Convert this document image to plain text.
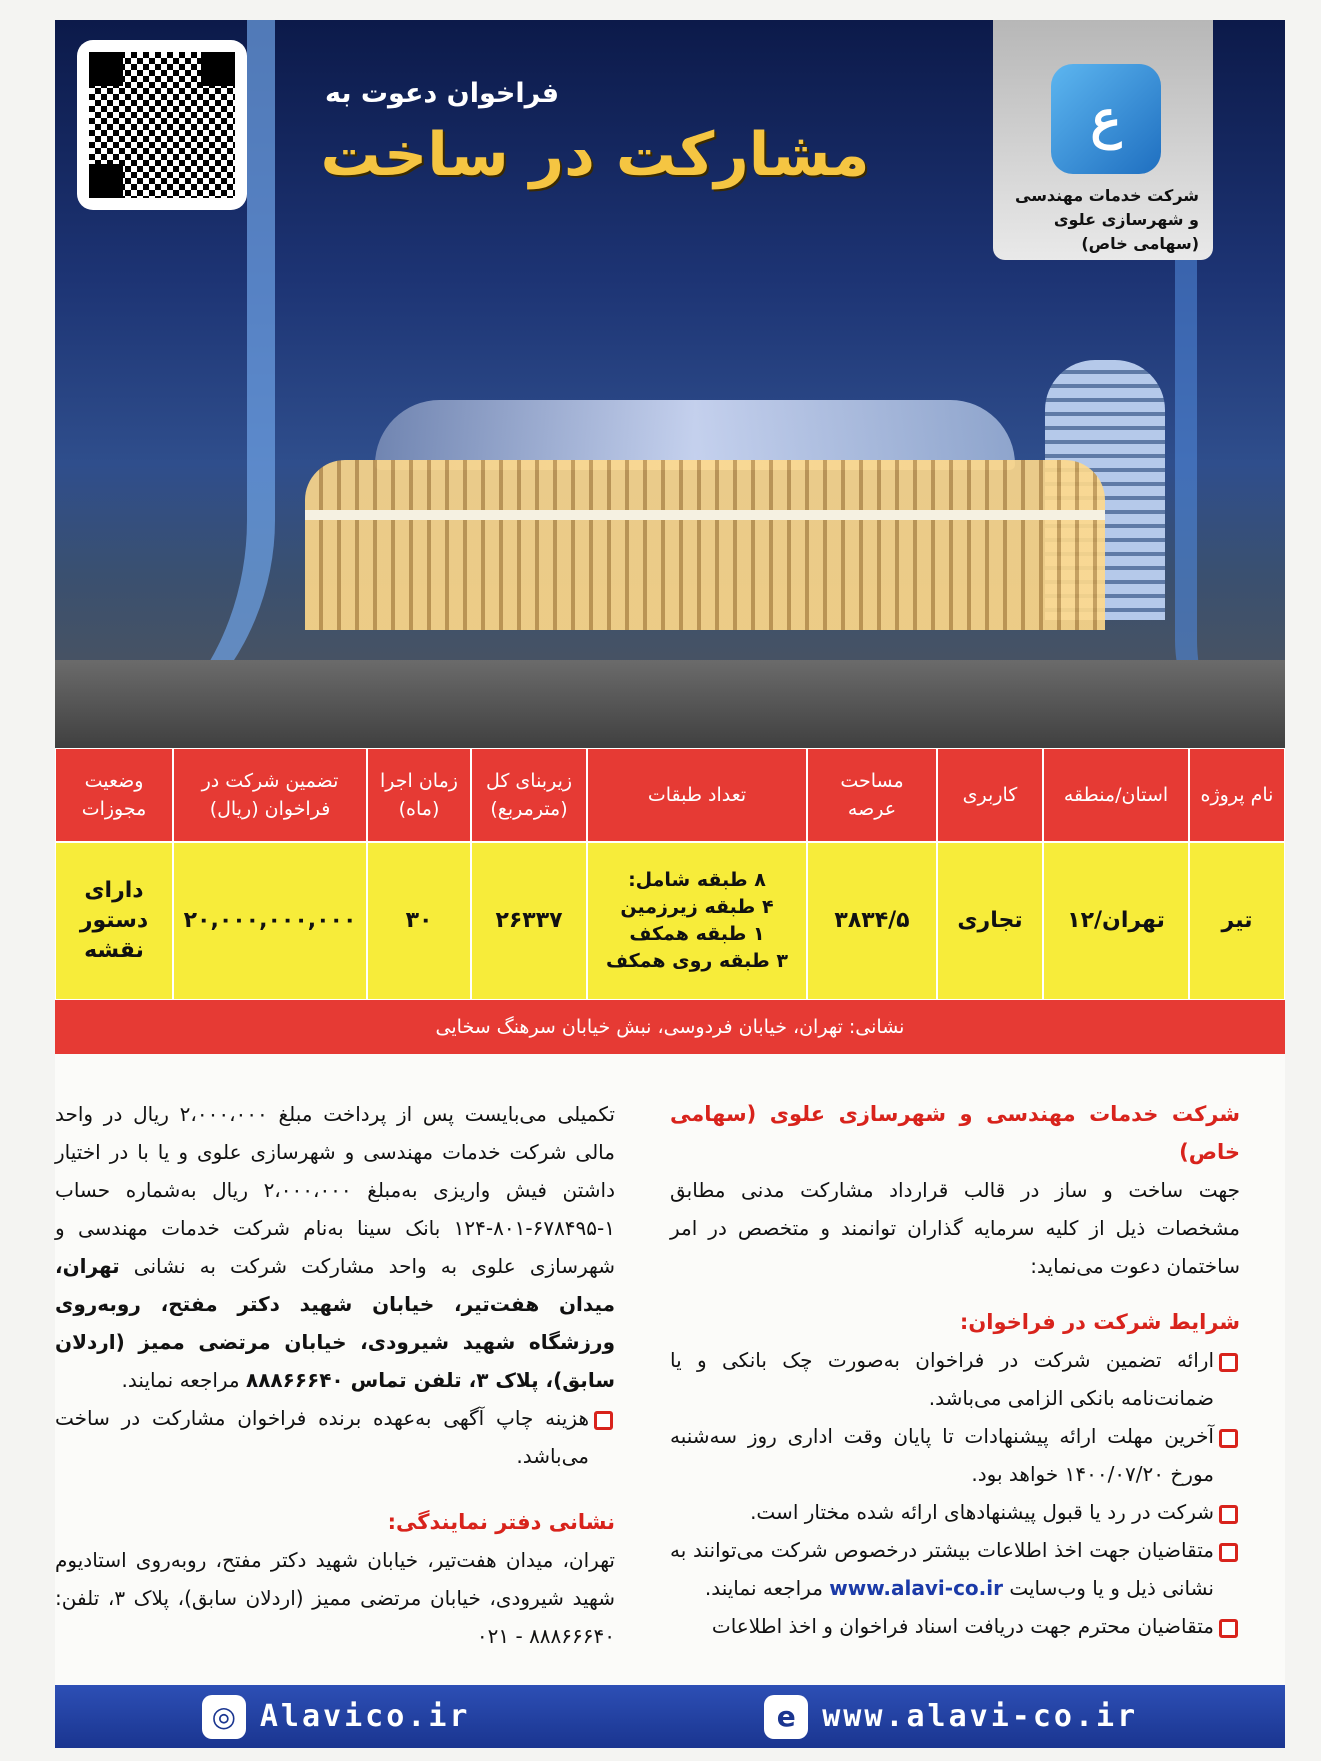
فراخوان دعوت به
مشارکت در ساخت
ع
شرکت خدمات مهندسی و شهرسازی علوی (سهامی خاص)
نام پروژه
استان/منطقه
کاربری
مساحت عرصه
تعداد طبقات
زیربنای کل (مترمربع)
زمان اجرا (ماه)
تضمین شرکت در فراخوان (ریال)
وضعیت مجوزات
تیر
تهران/۱۲
تجاری
۳۸۳۴/۵
۸ طبقه شامل:
۴ طبقه زیرزمین
۱ طبقه همکف
۳ طبقه روی همکف
۲۶۳۳۷
۳۰
۲۰,۰۰۰,۰۰۰,۰۰۰
دارای
دستور
نقشه
نشانی: تهران، خیابان فردوسی، نبش خیابان سرهنگ سخایی
شرکت خدمات مهندسی و شهرسازی علوی (سهامی خاص)
جهت ساخت و ساز در قالب قرارداد مشارکت مدنی مطابق مشخصات ذیل از کلیه سرمایه گذاران توانمند و متخصص در امر ساختمان دعوت می‌نماید:
شرایط شرکت در فراخوان:
ارائه تضمین شرکت در فراخوان به‌صورت چک بانکی و یا ضمانت‌نامه بانکی الزامی می‌باشد.
آخرین مهلت ارائه پیشنهادات تا پایان وقت اداری روز سه‌شنبه مورخ ۱۴۰۰/۰۷/۲۰ خواهد بود.
شرکت در رد یا قبول پیشنهادهای ارائه شده مختار است.
متقاضیان جهت اخذ اطلاعات بیشتر درخصوص شرکت می‌توانند به نشانی ذیل و یا وب‌سایت www.alavi-co.ir مراجعه نمایند.
متقاضیان محترم جهت دریافت اسناد فراخوان و اخذ اطلاعات
تکمیلی می‌بایست پس از پرداخت مبلغ ۲،۰۰۰،۰۰۰ ریال در واحد مالی شرکت خدمات مهندسی و شهرسازی علوی و یا با در اختیار داشتن فیش واریزی به‌مبلغ ۲،۰۰۰،۰۰۰ ریال به‌شماره حساب ۱-۶۷۸۴۹۵-۸۰۱-۱۲۴ بانک سینا به‌نام شرکت خدمات مهندسی و شهرسازی علوی به واحد مشارکت شرکت به نشانی تهران، میدان هفت‌تیر، خیابان شهید دکتر مفتح، روبه‌روی ورزشگاه شهید شیرودی، خیابان مرتضی ممیز (اردلان سابق)، پلاک ۳، تلفن تماس ۸۸۸۶۶۶۴۰ مراجعه نمایند.
هزینه چاپ آگهی به‌عهده برنده فراخوان مشارکت در ساخت می‌باشد.
نشانی دفتر نمایندگی:
تهران، میدان هفت‌تیر، خیابان شهید دکتر مفتح، روبه‌روی استادیوم شهید شیرودی، خیابان مرتضی ممیز (اردلان سابق)، پلاک ۳، تلفن: ۸۸۸۶۶۶۴۰ - ۰۲۱
e www.alavi-co.ir
◎ Alavico.ir
